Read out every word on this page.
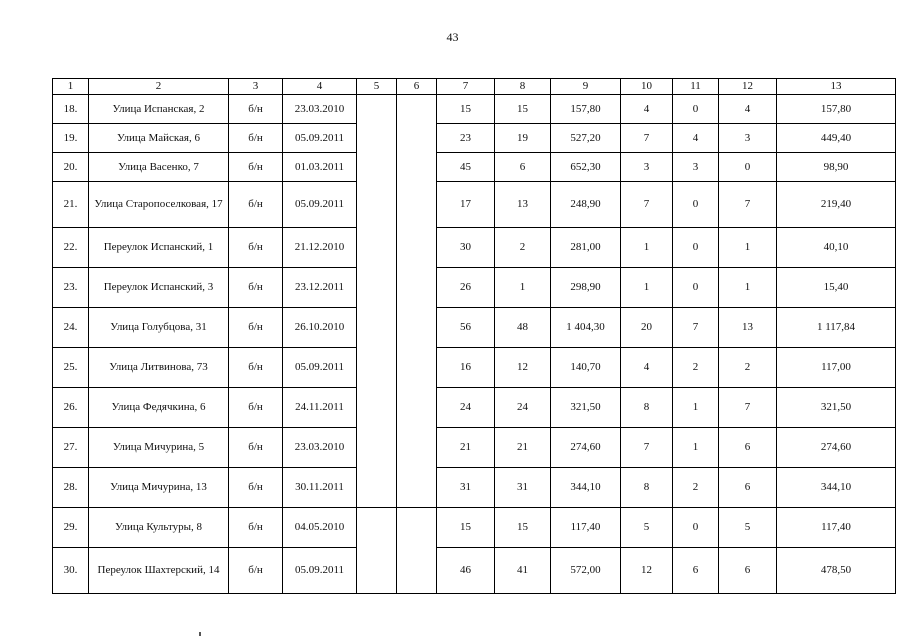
43
1	2	3	4	5	6	7	8	9	10	11	12	13
18.	Улица Испанская, 2	б/н	23.03.2010			15	15	157,80	4	0	4	157,80
19.	Улица Майская, 6	б/н	05.09.2011			23	19	527,20	7	4	3	449,40
20.	Улица Васенко, 7	б/н	01.03.2011			45	6	652,30	3	3	0	98,90
21.	Улица Старопоселковая, 17	б/н	05.09.2011			17	13	248,90	7	0	7	219,40
22.	Переулок Испанский, 1	б/н	21.12.2010			30	2	281,00	1	0	1	40,10
23.	Переулок Испанский, 3	б/н	23.12.2011			26	1	298,90	1	0	1	15,40
24.	Улица Голубцова, 31	б/н	26.10.2010			56	48	1 404,30	20	7	13	1 117,84
25.	Улица Литвинова, 73	б/н	05.09.2011			16	12	140,70	4	2	2	117,00
26.	Улица Федячкина, 6	б/н	24.11.2011			24	24	321,50	8	1	7	321,50
27.	Улица Мичурина, 5	б/н	23.03.2010			21	21	274,60	7	1	6	274,60
28.	Улица Мичурина, 13	б/н	30.11.2011			31	31	344,10	8	2	6	344,10
29.	Улица Культуры, 8	б/н	04.05.2010			15	15	117,40	5	0	5	117,40
30.	Переулок Шахтерский, 14	б/н	05.09.2011			46	41	572,00	12	6	6	478,50
